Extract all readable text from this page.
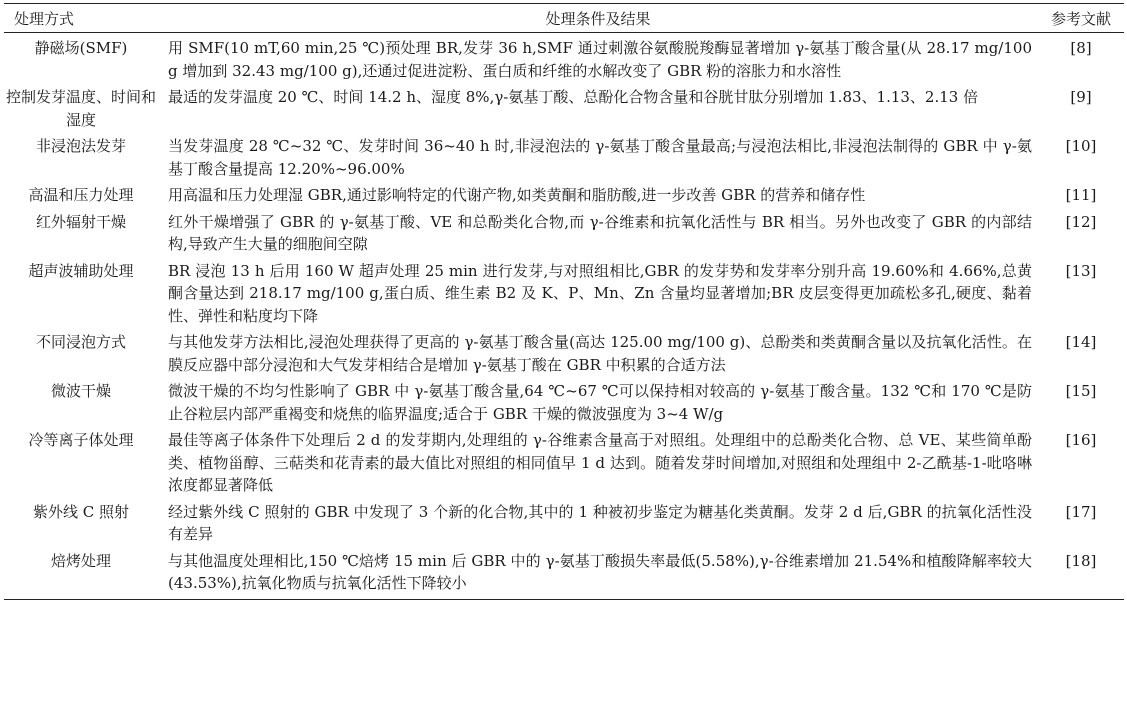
处理方式	处理条件及结果	参考文献
静磁场(SMF)	用 SMF(10 mT,60 min,25 ℃)预处理 BR,发芽 36 h,SMF 通过刺激谷氨酸脱羧酶显著增加 γ-氨基丁酸含量(从 28.17 mg/100 g 增加到 32.43 mg/100 g),还通过促进淀粉、蛋白质和纤维的水解改变了 GBR 粉的溶胀力和水溶性	[8]
控制发芽温度、时间和湿度	最适的发芽温度 20 ℃、时间 14.2 h、湿度 8%,γ-氨基丁酸、总酚化合物含量和谷胱甘肽分别增加 1.83、1.13、2.13 倍	[9]
非浸泡法发芽	当发芽温度 28 ℃~32 ℃、发芽时间 36~40 h 时,非浸泡法的 γ-氨基丁酸含量最高;与浸泡法相比,非浸泡法制得的 GBR 中 γ-氨基丁酸含量提高 12.20%~96.00%	[10]
高温和压力处理	用高温和压力处理湿 GBR,通过影响特定的代谢产物,如类黄酮和脂肪酸,进一步改善 GBR 的营养和储存性	[11]
红外辐射干燥	红外干燥增强了 GBR 的 γ-氨基丁酸、VE 和总酚类化合物,而 γ-谷维素和抗氧化活性与 BR 相当。另外也改变了 GBR 的内部结构,导致产生大量的细胞间空隙	[12]
超声波辅助处理	BR 浸泡 13 h 后用 160 W 超声处理 25 min 进行发芽,与对照组相比,GBR 的发芽势和发芽率分别升高 19.60%和 4.66%,总黄酮含量达到 218.17 mg/100 g,蛋白质、维生素 B2 及 K、P、Mn、Zn 含量均显著增加;BR 皮层变得更加疏松多孔,硬度、黏着性、弹性和粘度均下降	[13]
不同浸泡方式	与其他发芽方法相比,浸泡处理获得了更高的 γ-氨基丁酸含量(高达 125.00 mg/100 g)、总酚类和类黄酮含量以及抗氧化活性。在膜反应器中部分浸泡和大气发芽相结合是增加 γ-氨基丁酸在 GBR 中积累的合适方法	[14]
微波干燥	微波干燥的不均匀性影响了 GBR 中 γ-氨基丁酸含量,64 ℃~67 ℃可以保持相对较高的 γ-氨基丁酸含量。132 ℃和 170 ℃是防止谷粒层内部严重褐变和烧焦的临界温度;适合于 GBR 干燥的微波强度为 3~4 W/g	[15]
冷等离子体处理	最佳等离子体条件下处理后 2 d 的发芽期内,处理组的 γ-谷维素含量高于对照组。处理组中的总酚类化合物、总 VE、某些简单酚类、植物甾醇、三萜类和花青素的最大值比对照组的相同值早 1 d 达到。随着发芽时间增加,对照组和处理组中 2-乙酰基-1-吡咯啉浓度都显著降低	[16]
紫外线 C 照射	经过紫外线 C 照射的 GBR 中发现了 3 个新的化合物,其中的 1 种被初步鉴定为糖基化类黄酮。发芽 2 d 后,GBR 的抗氧化活性没有差异	[17]
焙烤处理	与其他温度处理相比,150 ℃焙烤 15 min 后 GBR 中的 γ-氨基丁酸损失率最低(5.58%),γ-谷维素增加 21.54%和植酸降解率较大(43.53%),抗氧化物质与抗氧化活性下降较小	[18]
